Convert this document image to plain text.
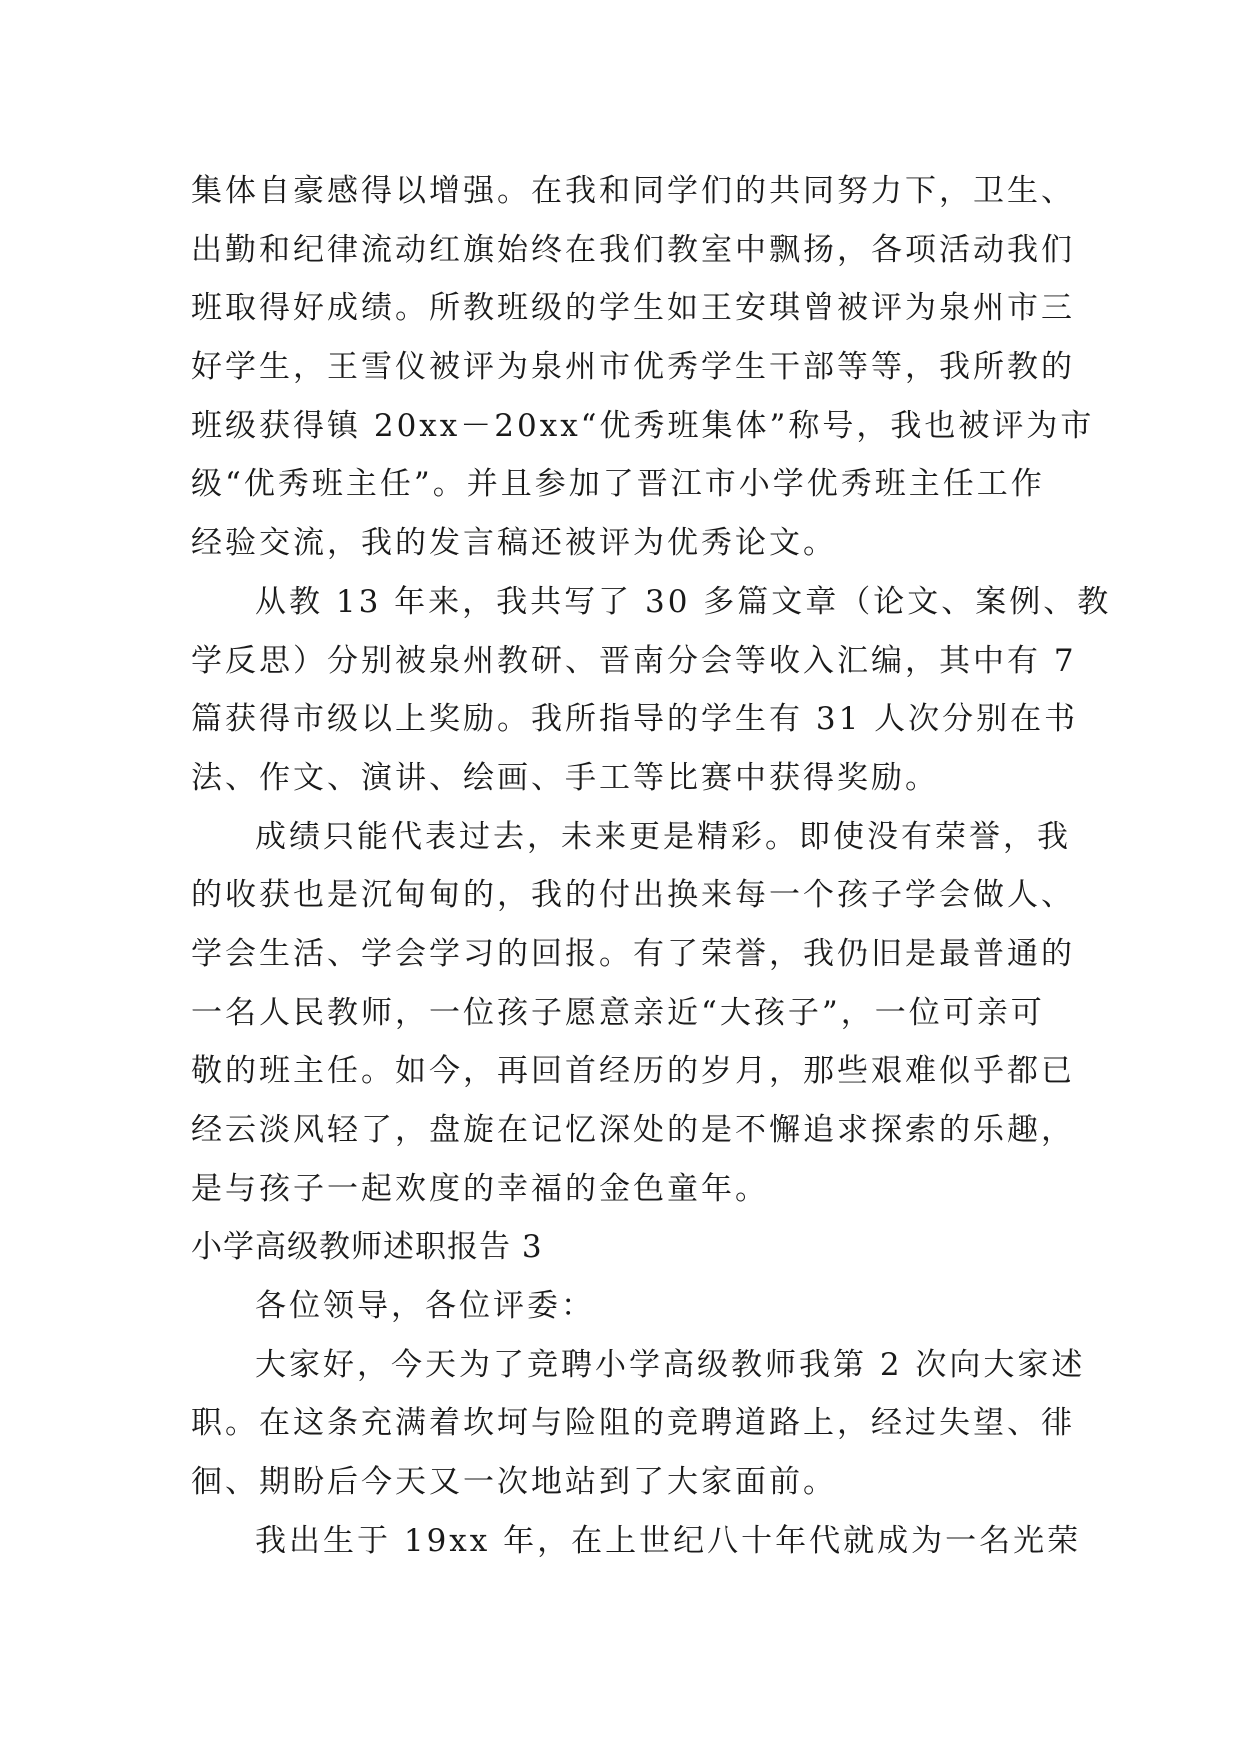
集体自豪感得以增强。在我和同学们的共同努力下，卫生、
出勤和纪律流动红旗始终在我们教室中飘扬，各项活动我们
班取得好成绩。所教班级的学生如王安琪曾被评为泉州市三
好学生，王雪仪被评为泉州市优秀学生干部等等，我所教的
班级获得镇 20xx－20xx“优秀班集体”称号，我也被评为市
级“优秀班主任”。并且参加了晋江市小学优秀班主任工作
经验交流，我的发言稿还被评为优秀论文。
从教 13 年来，我共写了 30 多篇文章（论文、案例、教
学反思）分别被泉州教研、晋南分会等收入汇编，其中有 7
篇获得市级以上奖励。我所指导的学生有 31 人次分别在书
法、作文、演讲、绘画、手工等比赛中获得奖励。
成绩只能代表过去，未来更是精彩。即使没有荣誉，我
的收获也是沉甸甸的，我的付出换来每一个孩子学会做人、
学会生活、学会学习的回报。有了荣誉，我仍旧是最普通的
一名人民教师，一位孩子愿意亲近“大孩子”，一位可亲可
敬的班主任。如今，再回首经历的岁月，那些艰难似乎都已
经云淡风轻了，盘旋在记忆深处的是不懈追求探索的乐趣，
是与孩子一起欢度的幸福的金色童年。
小学高级教师述职报告 3
各位领导，各位评委：
大家好，今天为了竞聘小学高级教师我第 2 次向大家述
职。在这条充满着坎坷与险阻的竞聘道路上，经过失望、徘
徊、期盼后今天又一次地站到了大家面前。
我出生于 19xx 年，在上世纪八十年代就成为一名光荣
